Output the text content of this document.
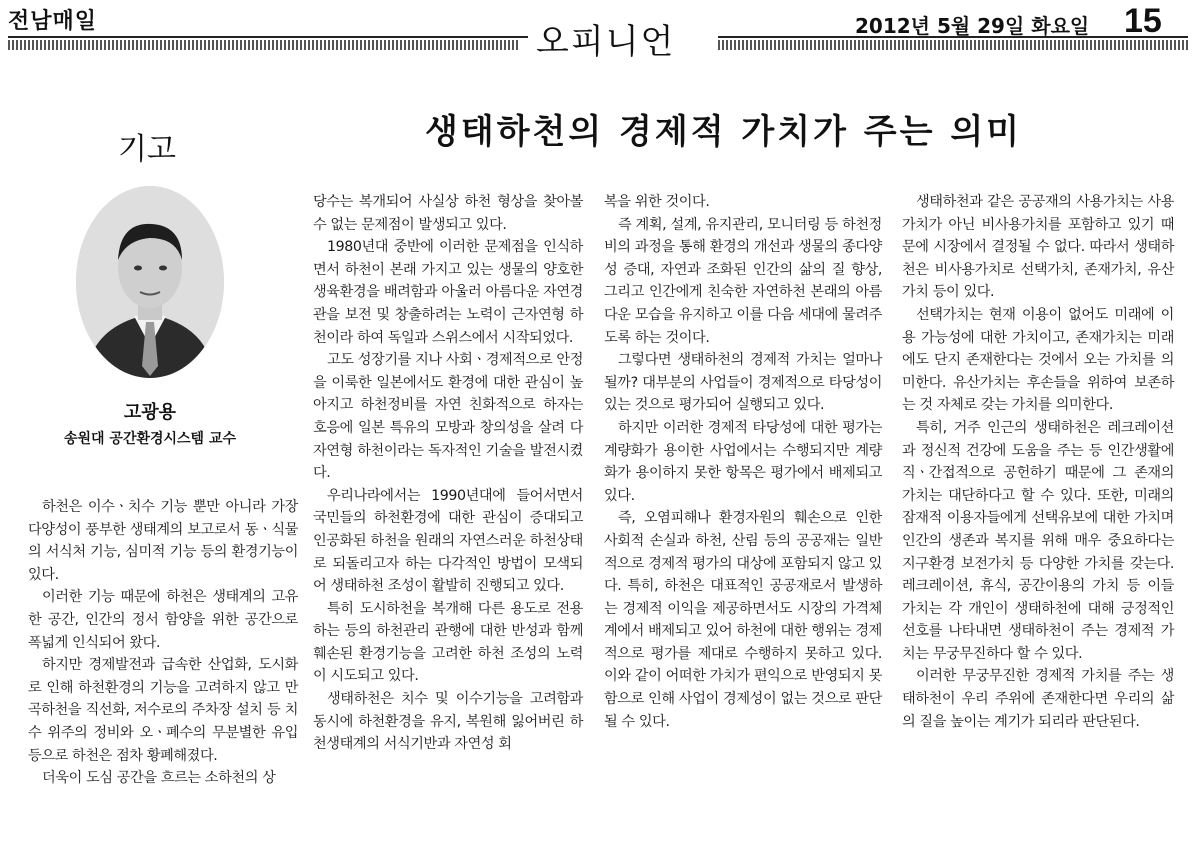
전남매일
오피니언	2012년 5월 29일 화요일 15
기고	생태하천의 경제적 가치가 주는 의미
고광용
송원대 공간환경시스템 교수

하천은 이수ㆍ치수 기능 뿐만 아니라 가장 다양성이 풍부한 생태계의 보고로서 동ㆍ식물의 서식처 기능, 심미적 기능 등의 환경기능이 있다.

이러한 기능 때문에 하천은 생태계의 고유한 공간, 인간의 정서 함양을 위한 공간으로 폭넓게 인식되어 왔다.

하지만 경제발전과 급속한 산업화, 도시화로 인해 하천환경의 기능을 고려하지 않고 만곡하천을 직선화, 저수로의 주차장 설치 등 치수 위주의 정비와 오ㆍ폐수의 무분별한 유입 등으로 하천은 점차 황폐해졌다.

더욱이 도심 공간을 흐르는 소하천의 상

당수는 복개되어 사실상 하천 형상을 찾아볼 수 없는 문제점이 발생되고 있다.

1980년대 중반에 이러한 문제점을 인식하면서 하천이 본래 가지고 있는 생물의 양호한 생육환경을 배려함과 아울러 아름다운 자연경관을 보전 및 창출하려는 노력이 근자연형 하천이라 하여 독일과 스위스에서 시작되었다.

고도 성장기를 지나 사회ㆍ경제적으로 안정을 이룩한 일본에서도 환경에 대한 관심이 높아지고 하천정비를 자연 친화적으로 하자는 호응에 일본 특유의 모방과 창의성을 살려 다자연형 하천이라는 독자적인 기술을 발전시켰다.

우리나라에서는 1990년대에 들어서면서 국민들의 하천환경에 대한 관심이 증대되고 인공화된 하천을 원래의 자연스러운 하천상태로 되돌리고자 하는 다각적인 방법이 모색되어 생태하천 조성이 활발히 진행되고 있다.

특히 도시하천을 복개해 다른 용도로 전용하는 등의 하천관리 관행에 대한 반성과 함께 훼손된 환경기능을 고려한 하천 조성의 노력이 시도되고 있다.

생태하천은 치수 및 이수기능을 고려함과 동시에 하천환경을 유지, 복원해 잃어버린 하천생태계의 서식기반과 자연성 회

복을 위한 것이다.

즉 계획, 설계, 유지관리, 모니터링 등 하천정비의 과정을 통해 환경의 개선과 생물의 종다양성 증대, 자연과 조화된 인간의 삶의 질 향상, 그리고 인간에게 친숙한 자연하천 본래의 아름다운 모습을 유지하고 이를 다음 세대에 물려주도록 하는 것이다.

그렇다면 생태하천의 경제적 가치는 얼마나 될까? 대부분의 사업들이 경제적으로 타당성이 있는 것으로 평가되어 실행되고 있다.

하지만 이러한 경제적 타당성에 대한 평가는 계량화가 용이한 사업에서는 수행되지만 계량화가 용이하지 못한 항목은 평가에서 배제되고 있다.

즉, 오염피해나 환경자원의 훼손으로 인한 사회적 손실과 하천, 산림 등의 공공재는 일반적으로 경제적 평가의 대상에 포함되지 않고 있다. 특히, 하천은 대표적인 공공재로서 발생하는 경제적 이익을 제공하면서도 시장의 가격체계에서 배제되고 있어 하천에 대한 행위는 경제적으로 평가를 제대로 수행하지 못하고 있다. 이와 같이 어떠한 가치가 편익으로 반영되지 못함으로 인해 사업이 경제성이 없는 것으로 판단될 수 있다.

생태하천과 같은 공공재의 사용가치는 사용가치가 아닌 비사용가치를 포함하고 있기 때문에 시장에서 결정될 수 없다. 따라서 생태하천은 비사용가치로 선택가치, 존재가치, 유산가치 등이 있다.

선택가치는 현재 이용이 없어도 미래에 이용 가능성에 대한 가치이고, 존재가치는 미래에도 단지 존재한다는 것에서 오는 가치를 의미한다. 유산가치는 후손들을 위하여 보존하는 것 자체로 갖는 가치를 의미한다.

특히, 거주 인근의 생태하천은 레크레이션과 정신적 건강에 도움을 주는 등 인간생활에 직ㆍ간접적으로 공헌하기 때문에 그 존재의 가치는 대단하다고 할 수 있다. 또한, 미래의 잠재적 이용자들에게 선택유보에 대한 가치며 인간의 생존과 복지를 위해 매우 중요하다는 지구환경 보전가치 등 다양한 가치를 갖는다. 레크레이션, 휴식, 공간이용의 가치 등 이들 가치는 각 개인이 생태하천에 대해 긍정적인 선호를 나타내면 생태하천이 주는 경제적 가치는 무궁무진하다 할 수 있다.

이러한 무궁무진한 경제적 가치를 주는 생태하천이 우리 주위에 존재한다면 우리의 삶의 질을 높이는 계기가 되리라 판단된다.
